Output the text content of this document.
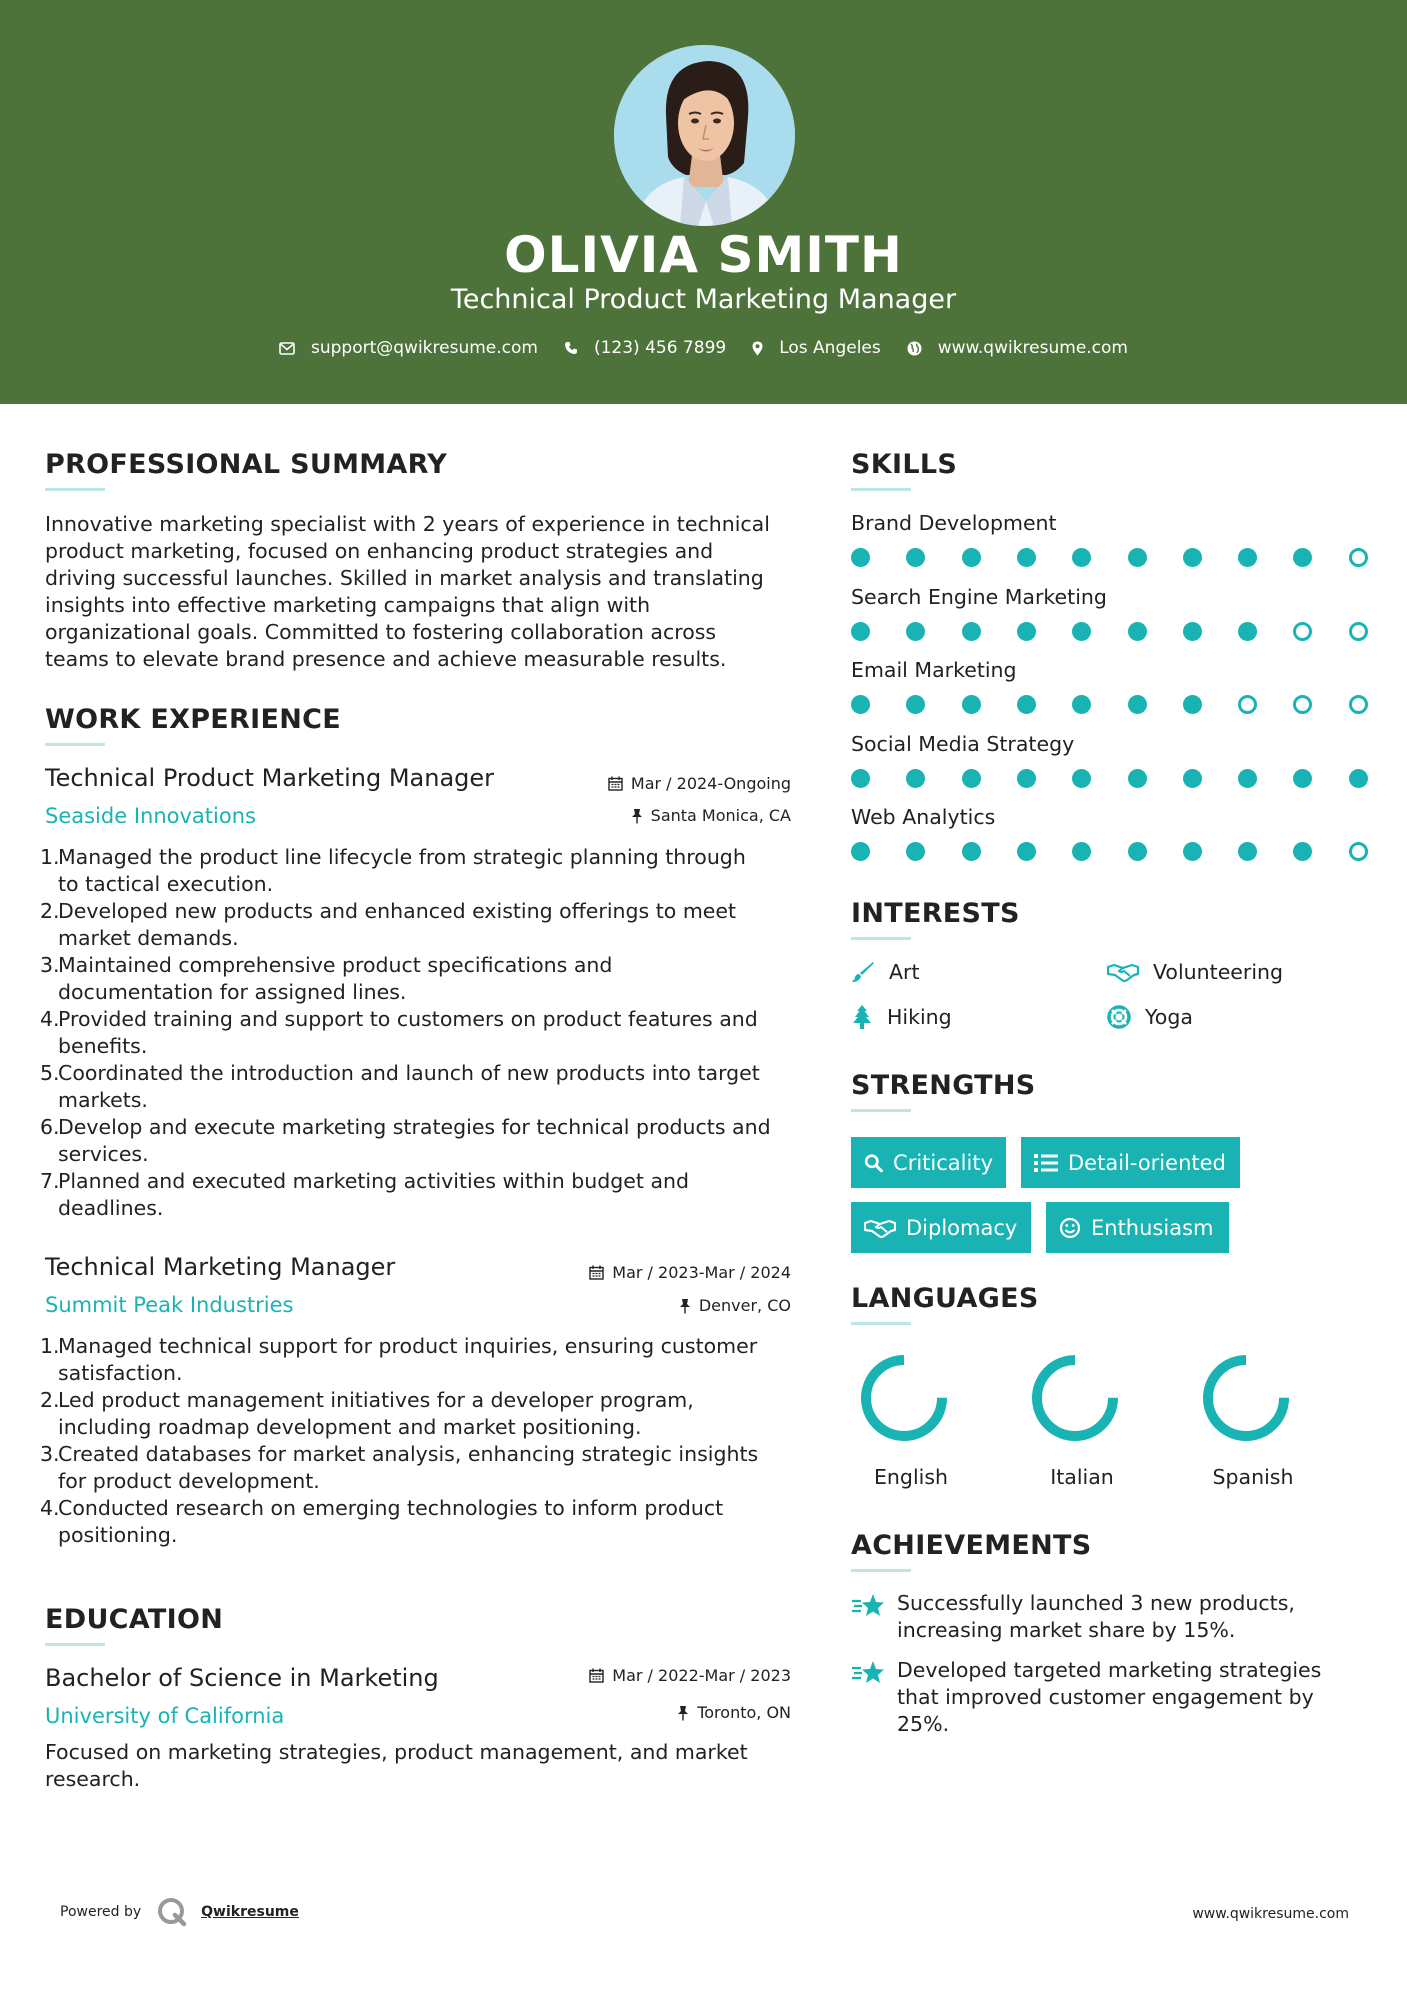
OLIVIA SMITH
Technical Product Marketing Manager
support@qwikresume.com	(123) 456 7899	Los Angeles	www.qwikresume.com
PROFESSIONAL SUMMARY
Innovative marketing specialist with 2 years of experience in technical
product marketing, focused on enhancing product strategies and
driving successful launches. Skilled in market analysis and translating
insights into effective marketing campaigns that align with
organizational goals. Committed to fostering collaboration across
teams to elevate brand presence and achieve measurable results.
WORK EXPERIENCE
Technical Product Marketing Manager
Seaside Innovations
Mar / 2024-Ongoing
Santa Monica, CA
1.
Managed the product line lifecycle from strategic planning through
to tactical execution.
2.
Developed new products and enhanced existing offerings to meet
market demands.
3.
Maintained comprehensive product specifications and
documentation for assigned lines.
4.
Provided training and support to customers on product features and
benefits.
5.
Coordinated the introduction and launch of new products into target
markets.
6.
Develop and execute marketing strategies for technical products and
services.
7.
Planned and executed marketing activities within budget and
deadlines.
Technical Marketing Manager
Summit Peak Industries
Mar / 2023-Mar / 2024
Denver, CO
1.
Managed technical support for product inquiries, ensuring customer
satisfaction.
2.
Led product management initiatives for a developer program,
including roadmap development and market positioning.
3.
Created databases for market analysis, enhancing strategic insights
for product development.
4.
Conducted research on emerging technologies to inform product
positioning.
EDUCATION
Bachelor of Science in Marketing
University of California
Mar / 2022-Mar / 2023
Toronto, ON
Focused on marketing strategies, product management, and market
research.
SKILLS
Brand Development
Search Engine Marketing
Email Marketing
Social Media Strategy
Web Analytics
INTERESTS
Art	Volunteering
Hiking	Yoga
STRENGTHS
Criticality	Detail-oriented
Diplomacy	Enthusiasm
LANGUAGES
English	Italian	Spanish
ACHIEVEMENTS
Successfully launched 3 new products,
increasing market share by 15%.
Developed targeted marketing strategies
that improved customer engagement by
25%.
Powered by	Qwikresume	www.qwikresume.com
